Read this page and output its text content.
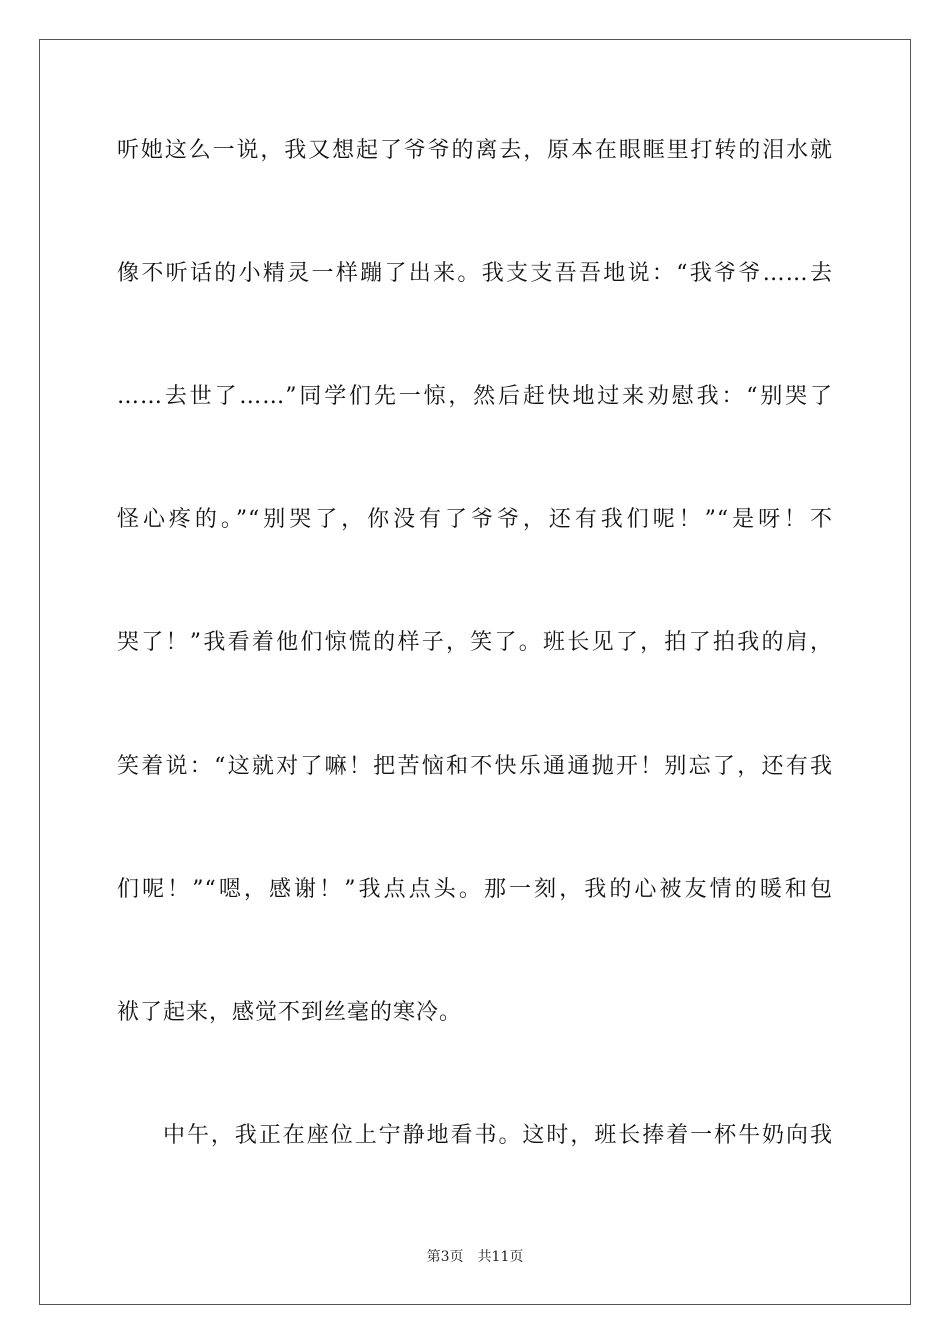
听她这么一说，我又想起了爷爷的离去，原本在眼眶里打转的泪水就
像不听话的小精灵一样蹦了出来。我支支吾吾地说：“我爷爷……去
……去世了……”同学们先一惊，然后赶快地过来劝慰我：“别哭了
怪心疼的。”“别哭了，你没有了爷爷，还有我们呢！”“是呀！不
哭了！”我看着他们惊慌的样子，笑了。班长见了，拍了拍我的肩，
笑着说：“这就对了嘛！把苦恼和不快乐通通抛开！别忘了，还有我
们呢！”“嗯，感谢！”我点点头。那一刻，我的心被友情的暖和包
袱了起来，感觉不到丝毫的寒冷。
中午，我正在座位上宁静地看书。这时，班长捧着一杯牛奶向我
第3页 共11页
